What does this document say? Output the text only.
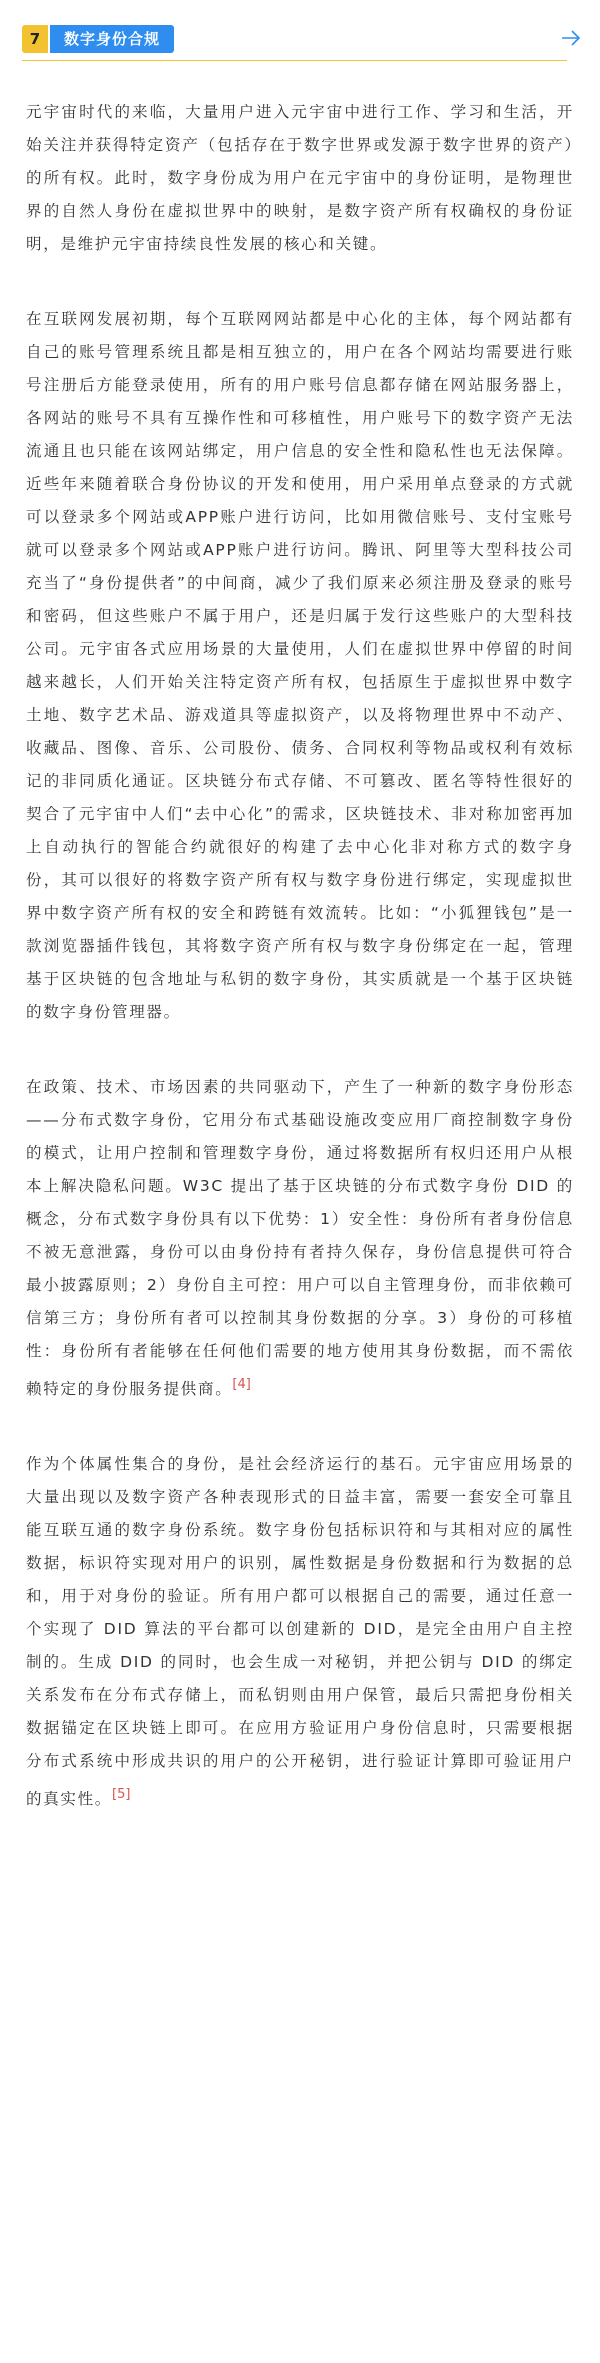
7	数字身份合规

元宇宙时代的来临，大量用户进入元宇宙中进行工作、学习和生活，开始关注并获得特定资产（包括存在于数字世界或发源于数字世界的资产）的所有权。此时，数字身份成为用户在元宇宙中的身份证明，是物理世界的自然人身份在虚拟世界中的映射，是数字资产所有权确权的身份证明，是维护元宇宙持续良性发展的核心和关键。

在互联网发展初期，每个互联网网站都是中心化的主体，每个网站都有自己的账号管理系统且都是相互独立的，用户在各个网站均需要进行账号注册后方能登录使用，所有的用户账号信息都存储在网站服务器上，各网站的账号不具有互操作性和可移植性，用户账号下的数字资产无法流通且也只能在该网站绑定，用户信息的安全性和隐私性也无法保障。近些年来随着联合身份协议的开发和使用，用户采用单点登录的方式就可以登录多个网站或APP账户进行访问，比如用微信账号、支付宝账号就可以登录多个网站或APP账户进行访问。腾讯、阿里等大型科技公司充当了“身份提供者”的中间商，减少了我们原来必须注册及登录的账号和密码，但这些账户不属于用户，还是归属于发行这些账户的大型科技公司。元宇宙各式应用场景的大量使用，人们在虚拟世界中停留的时间越来越长，人们开始关注特定资产所有权，包括原生于虚拟世界中数字土地、数字艺术品、游戏道具等虚拟资产，以及将物理世界中不动产、收藏品、图像、音乐、公司股份、债务、合同权利等物品或权利有效标记的非同质化通证。区块链分布式存储、不可篡改、匿名等特性很好的契合了元宇宙中人们“去中心化”的需求，区块链技术、非对称加密再加上自动执行的智能合约就很好的构建了去中心化非对称方式的数字身份，其可以很好的将数字资产所有权与数字身份进行绑定，实现虚拟世界中数字资产所有权的安全和跨链有效流转。比如：“小狐狸钱包”是一款浏览器插件钱包，其将数字资产所有权与数字身份绑定在一起，管理基于区块链的包含地址与私钥的数字身份，其实质就是一个基于区块链的数字身份管理器。

在政策、技术、市场因素的共同驱动下，产生了一种新的数字身份形态——分布式数字身份，它用分布式基础设施改变应用厂商控制数字身份的模式，让用户控制和管理数字身份，通过将数据所有权归还用户从根本上解决隐私问题。W3C 提出了基于区块链的分布式数字身份 DID 的概念，分布式数字身份具有以下优势：1）安全性：身份所有者身份信息不被无意泄露，身份可以由身份持有者持久保存，身份信息提供可符合最小披露原则；2）身份自主可控：用户可以自主管理身份，而非依赖可信第三方；身份所有者可以控制其身份数据的分享。3）身份的可移植性：身份所有者能够在任何他们需要的地方使用其身份数据，而不需依赖特定的身份服务提供商。[4]

作为个体属性集合的身份，是社会经济运行的基石。元宇宙应用场景的大量出现以及数字资产各种表现形式的日益丰富，需要一套安全可靠且能互联互通的数字身份系统。数字身份包括标识符和与其相对应的属性数据，标识符实现对用户的识别，属性数据是身份数据和行为数据的总和，用于对身份的验证。所有用户都可以根据自己的需要，通过任意一个实现了 DID 算法的平台都可以创建新的 DID，是完全由用户自主控制的。生成 DID 的同时，也会生成一对秘钥，并把公钥与 DID 的绑定关系发布在分布式存储上，而私钥则由用户保管，最后只需把身份相关数据锚定在区块链上即可。在应用方验证用户身份信息时，只需要根据分布式系统中形成共识的用户的公开秘钥，进行验证计算即可验证用户的真实性。[5]
